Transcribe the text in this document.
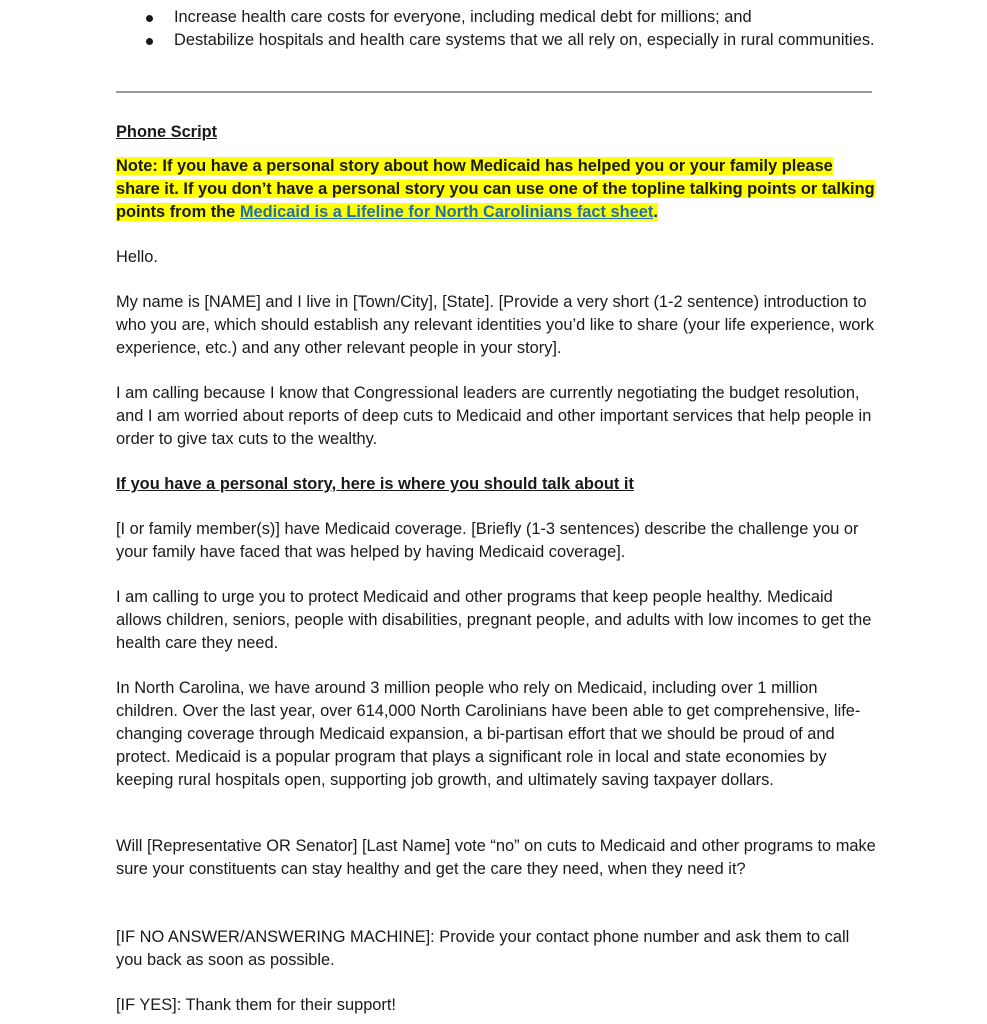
Increase health care costs for everyone, including medical debt for millions; and
Destabilize hospitals and health care systems that we all rely on, especially in rural communities.

Phone Script

Note: If you have a personal story about how Medicaid has helped you or your family please share it. If you don’t have a personal story you can use one of the topline talking points or talking points from the Medicaid is a Lifeline for North Carolinians fact sheet.

Hello.

My name is [NAME] and I live in [Town/City], [State]. [Provide a very short (1-2 sentence) introduction to who you are, which should establish any relevant identities you’d like to share (your life experience, work experience, etc.) and any other relevant people in your story].

I am calling because I know that Congressional leaders are currently negotiating the budget resolution, and I am worried about reports of deep cuts to Medicaid and other important services that help people in order to give tax cuts to the wealthy.

If you have a personal story, here is where you should talk about it

[I or family member(s)] have Medicaid coverage. [Briefly (1-3 sentences) describe the challenge you or your family have faced that was helped by having Medicaid coverage].

I am calling to urge you to protect Medicaid and other programs that keep people healthy. Medicaid allows children, seniors, people with disabilities, pregnant people, and adults with low incomes to get the health care they need.

In North Carolina, we have around 3 million people who rely on Medicaid, including over 1 million children. Over the last year, over 614,000 North Carolinians have been able to get comprehensive, life-changing coverage through Medicaid expansion, a bi-partisan effort that we should be proud of and protect. Medicaid is a popular program that plays a significant role in local and state economies by keeping rural hospitals open, supporting job growth, and ultimately saving taxpayer dollars.

Will [Representative OR Senator] [Last Name] vote “no” on cuts to Medicaid and other programs to make sure your constituents can stay healthy and get the care they need, when they need it?

[IF NO ANSWER/ANSWERING MACHINE]: Provide your contact phone number and ask them to call you back as soon as possible.

[IF YES]: Thank them for their support!
